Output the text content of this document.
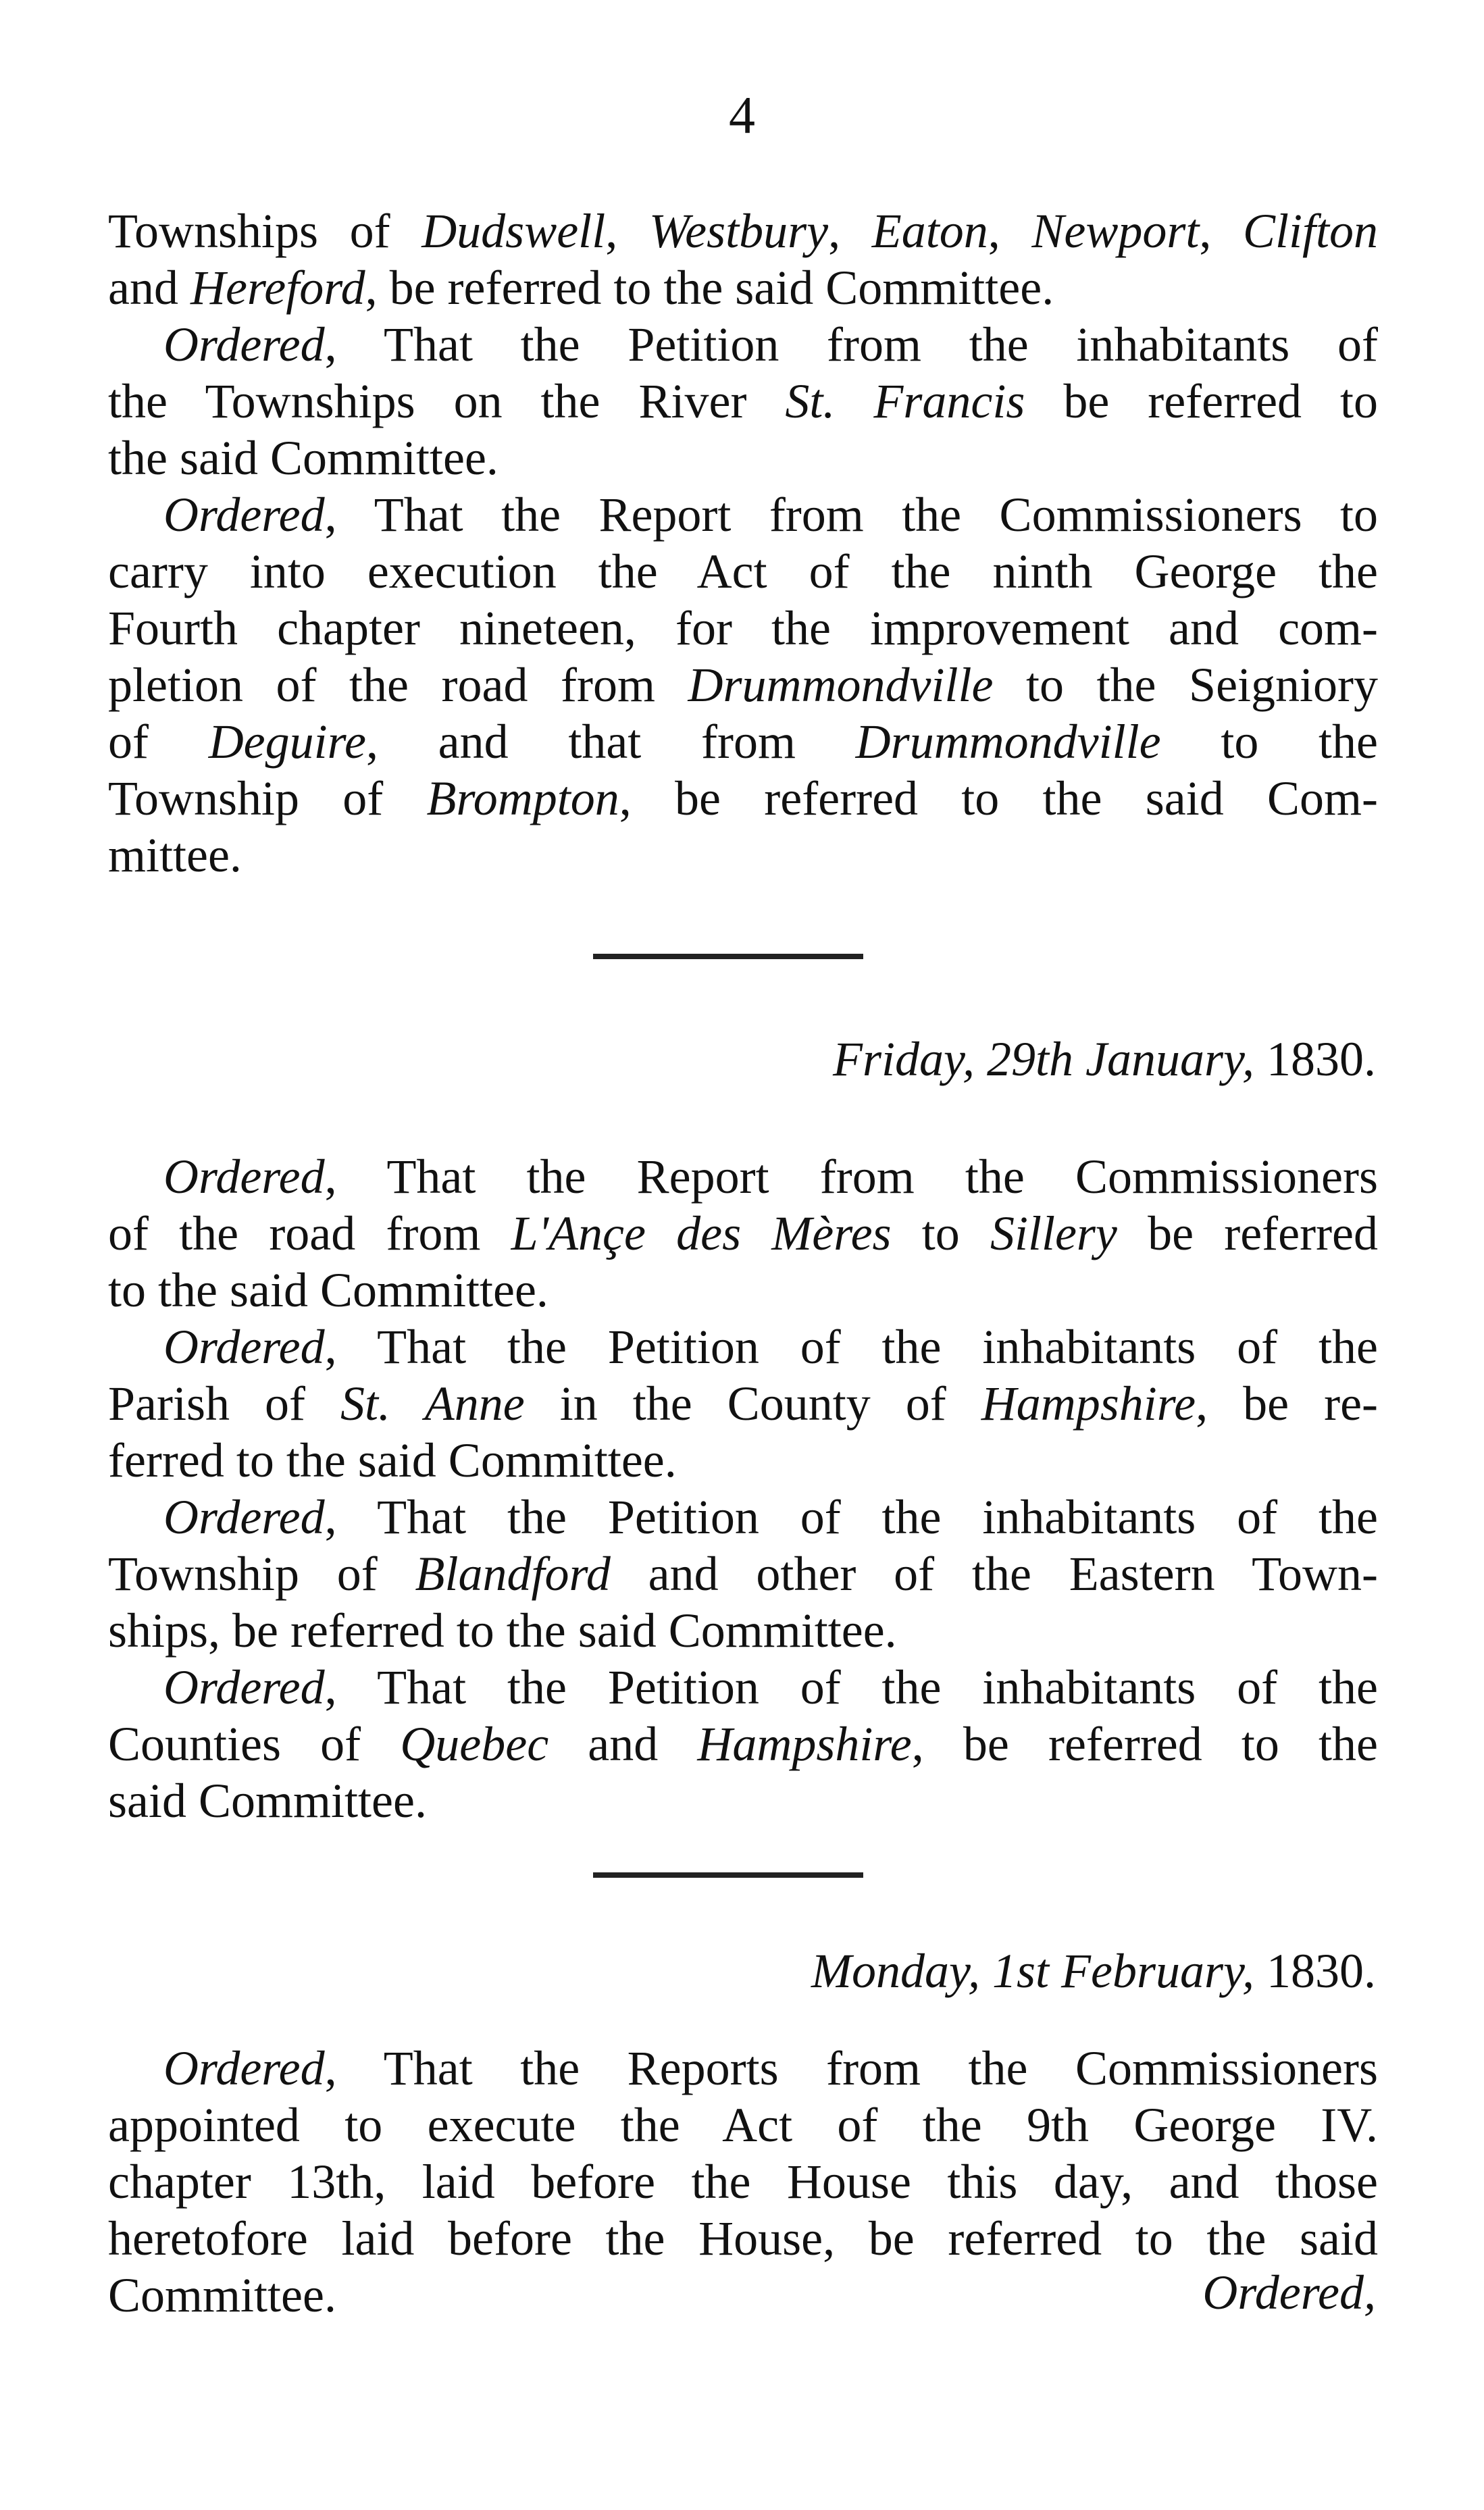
4
Townships of Dudswell, Westbury, Eaton, Newport, Clifton
and Hereford, be referred to the said Committee.
Ordered, That the Petition from the inhabitants of
the Townships on the River St. Francis be referred to
the said Committee.
Ordered, That the Report from the Commissioners to
carry into execution the Act of the ninth George the
Fourth chapter nineteen, for the improvement and com-
pletion of the road from Drummondville to the Seigniory
of Deguire, and that from Drummondville to the
Township of Brompton, be referred to the said Com-
mittee.
Friday, 29th January, 1830.
Ordered, That the Report from the Commissioners
of the road from L'Ançe des Mères to Sillery be referred
to the said Committee.
Ordered, That the Petition of the inhabitants of the
Parish of St. Anne in the County of Hampshire, be re-
ferred to the said Committee.
Ordered, That the Petition of the inhabitants of the
Township of Blandford and other of the Eastern Town-
ships, be referred to the said Committee.
Ordered, That the Petition of the inhabitants of the
Counties of Quebec and Hampshire, be referred to the
said Committee.
Monday, 1st February, 1830.
Ordered, That the Reports from the Commissioners
appointed to execute the Act of the 9th George IV.
chapter 13th, laid before the House this day, and those
heretofore laid before the House, be referred to the said
Committee.	Ordered,
